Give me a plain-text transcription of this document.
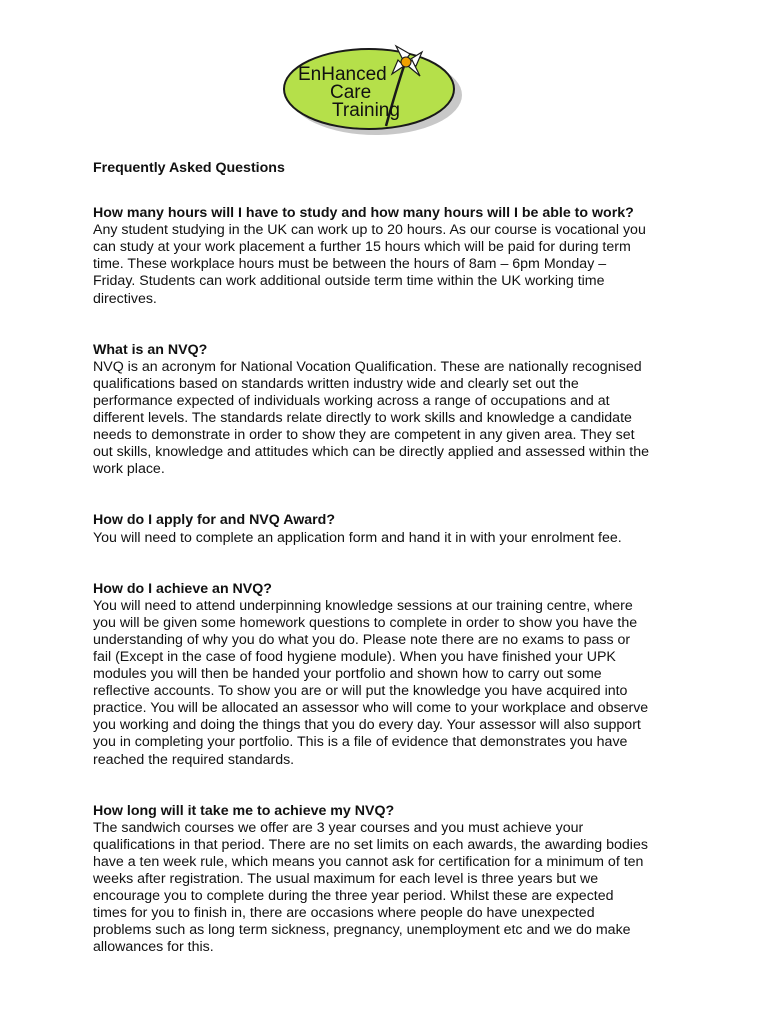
EnHanced
Care
Training
Frequently Asked Questions
How many hours will I have to study and how many hours will I be able to work?
Any student studying in the UK can work up to 20 hours. As our course is vocational you
can study at your work placement a further 15 hours which will be paid for during term
time. These workplace hours must be between the hours of 8am – 6pm Monday –
Friday. Students can work additional outside term time within the UK working time
directives.
What is an NVQ?
NVQ is an acronym for National Vocation Qualification. These are nationally recognised
qualifications based on standards written industry wide and clearly set out the
performance expected of individuals working across a range of occupations and at
different levels. The standards relate directly to work skills and knowledge a candidate
needs to demonstrate in order to show they are competent in any given area. They set
out skills, knowledge and attitudes which can be directly applied and assessed within the
work place.
How do I apply for and NVQ Award?
You will need to complete an application form and hand it in with your enrolment fee.
How do I achieve an NVQ?
You will need to attend underpinning knowledge sessions at our training centre, where
you will be given some homework questions to complete in order to show you have the
understanding of why you do what you do. Please note there are no exams to pass or
fail (Except in the case of food hygiene module). When you have finished your UPK
modules you will then be handed your portfolio and shown how to carry out some
reflective accounts. To show you are or will put the knowledge you have acquired into
practice. You will be allocated an assessor who will come to your workplace and observe
you working and doing the things that you do every day. Your assessor will also support
you in completing your portfolio. This is a file of evidence that demonstrates you have
reached the required standards.
How long will it take me to achieve my NVQ?
The sandwich courses we offer are 3 year courses and you must achieve your
qualifications in that period. There are no set limits on each awards, the awarding bodies
have a ten week rule, which means you cannot ask for certification for a minimum of ten
weeks after registration. The usual maximum for each level is three years but we
encourage you to complete during the three year period. Whilst these are expected
times for you to finish in, there are occasions where people do have unexpected
problems such as long term sickness, pregnancy, unemployment etc and we do make
allowances for this.
